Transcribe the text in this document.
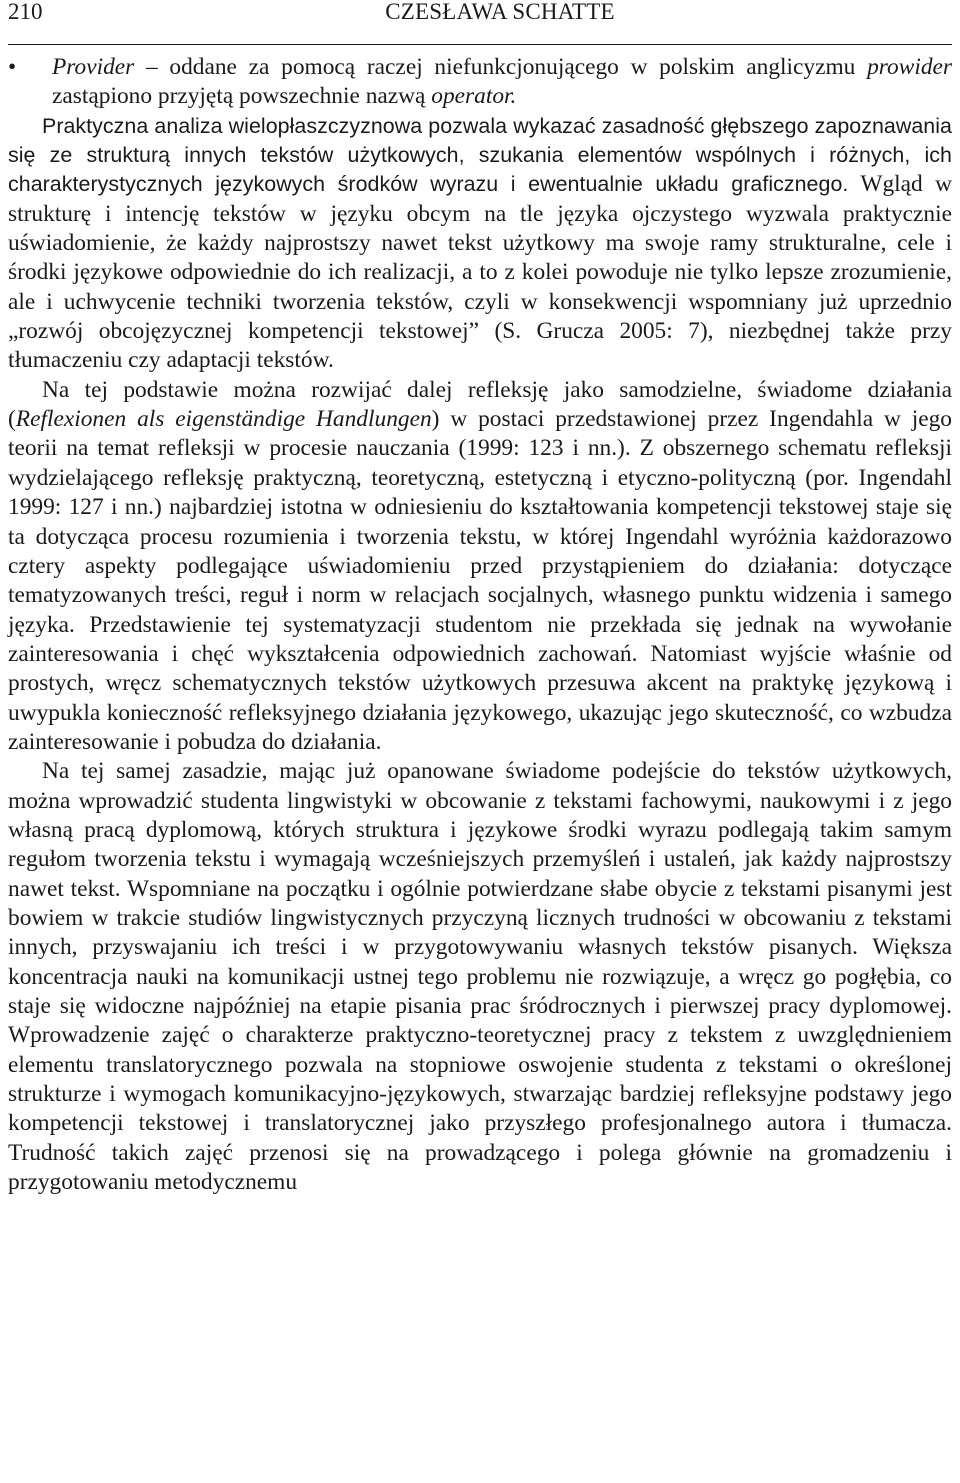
210	CZESŁAWA SCHATTE
•	Provider – oddane za pomocą raczej niefunkcjonującego w polskim anglicyzmu prowider zastąpiono przyjętą powszechnie nazwą operator.

Praktyczna analiza wielopłaszczyznowa pozwala wykazać zasadność głębszego zapoznawania się ze strukturą innych tekstów użytkowych, szukania elementów wspólnych i różnych, ich charakterystycznych językowych środków wyrazu i ewentualnie układu graficznego. Wgląd w strukturę i intencję tekstów w języku obcym na tle języka ojczystego wyzwala praktycznie uświadomienie, że każdy najprostszy nawet tekst użytkowy ma swoje ramy strukturalne, cele i środki językowe odpowiednie do ich realizacji, a to z kolei powoduje nie tylko lepsze zrozumienie, ale i uchwycenie techniki tworzenia tekstów, czyli w konsekwencji wspomniany już uprzednio „rozwój obcojęzycznej kompetencji tekstowej” (S. Grucza 2005: 7), niezbędnej także przy tłumaczeniu czy adaptacji tekstów.

Na tej podstawie można rozwijać dalej refleksję jako samodzielne, świadome działania (Reflexionen als eigenständige Handlungen) w postaci przedstawionej przez Ingendahla w jego teorii na temat refleksji w procesie nauczania (1999: 123 i nn.). Z obszernego schematu refleksji wydzielającego refleksję praktyczną, teoretyczną, estetyczną i etyczno-polityczną (por. Ingendahl 1999: 127 i nn.) najbardziej istotna w odniesieniu do kształtowania kompetencji tekstowej staje się ta dotycząca procesu rozumienia i tworzenia tekstu, w której Ingendahl wyróżnia każdorazowo cztery aspekty podlegające uświadomieniu przed przystąpieniem do działania: dotyczące tematyzowanych treści, reguł i norm w relacjach socjalnych, własnego punktu widzenia i samego języka. Przedstawienie tej systematyzacji studentom nie przekłada się jednak na wywołanie zainteresowania i chęć wykształcenia odpowiednich zachowań. Natomiast wyjście właśnie od prostych, wręcz schematycznych tekstów użytkowych przesuwa akcent na praktykę językową i uwypukla konieczność refleksyjnego działania językowego, ukazując jego skuteczność, co wzbudza zainteresowanie i pobudza do działania.

Na tej samej zasadzie, mając już opanowane świadome podejście do tekstów użytkowych, można wprowadzić studenta lingwistyki w obcowanie z tekstami fachowymi, naukowymi i z jego własną pracą dyplomową, których struktura i językowe środki wyrazu podlegają takim samym regułom tworzenia tekstu i wymagają wcześniejszych przemyśleń i ustaleń, jak każdy najprostszy nawet tekst. Wspomniane na początku i ogólnie potwierdzane słabe obycie z tekstami pisanymi jest bowiem w trakcie studiów lingwistycznych przyczyną licznych trudności w obcowaniu z tekstami innych, przyswajaniu ich treści i w przygotowywaniu własnych tekstów pisanych. Większa koncentracja nauki na komunikacji ustnej tego problemu nie rozwiązuje, a wręcz go pogłębia, co staje się widoczne najpóźniej na etapie pisania prac śródrocznych i pierwszej pracy dyplomowej. Wprowadzenie zajęć o charakterze praktyczno-teoretycznej pracy z tekstem z uwzględnieniem elementu translatorycznego pozwala na stopniowe oswojenie studenta z tekstami o określonej strukturze i wymogach komunikacyjno-językowych, stwarzając bardziej refleksyjne podstawy jego kompetencji tekstowej i translatorycznej jako przyszłego profesjonalnego autora i tłumacza. Trudność takich zajęć przenosi się na prowadzącego i polega głównie na gromadzeniu i przygotowaniu metodycznemu
